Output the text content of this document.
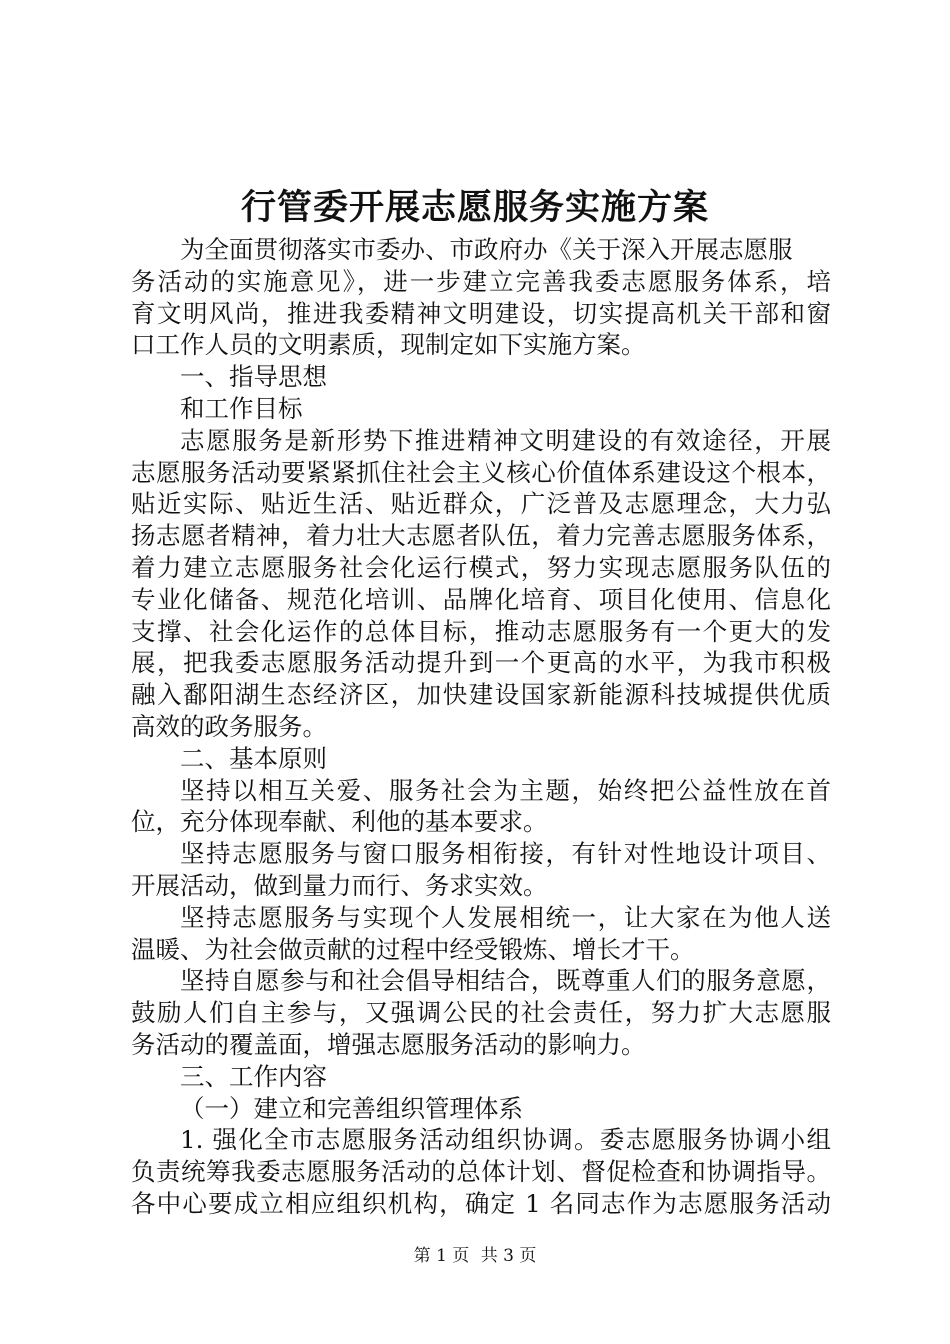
行管委开展志愿服务实施方案
为全面贯彻落实市委办、市政府办《关于深入开展志愿服
务活动的实施意见》，进一步建立完善我委志愿服务体系，培
育文明风尚，推进我委精神文明建设，切实提高机关干部和窗
口工作人员的文明素质，现制定如下实施方案。
一、指导思想
和工作目标
志愿服务是新形势下推进精神文明建设的有效途径，开展
志愿服务活动要紧紧抓住社会主义核心价值体系建设这个根本，
贴近实际、贴近生活、贴近群众，广泛普及志愿理念，大力弘
扬志愿者精神，着力壮大志愿者队伍，着力完善志愿服务体系，
着力建立志愿服务社会化运行模式，努力实现志愿服务队伍的
专业化储备、规范化培训、品牌化培育、项目化使用、信息化
支撑、社会化运作的总体目标，推动志愿服务有一个更大的发
展，把我委志愿服务活动提升到一个更高的水平，为我市积极
融入鄱阳湖生态经济区，加快建设国家新能源科技城提供优质
高效的政务服务。
二、基本原则
坚持以相互关爱、服务社会为主题，始终把公益性放在首
位，充分体现奉献、利他的基本要求。
坚持志愿服务与窗口服务相衔接，有针对性地设计项目、
开展活动，做到量力而行、务求实效。
坚持志愿服务与实现个人发展相统一，让大家在为他人送
温暖、为社会做贡献的过程中经受锻炼、增长才干。
坚持自愿参与和社会倡导相结合，既尊重人们的服务意愿，
鼓励人们自主参与，又强调公民的社会责任，努力扩大志愿服
务活动的覆盖面，增强志愿服务活动的影响力。
三、工作内容
（一）建立和完善组织管理体系
1. 强化全市志愿服务活动组织协调。委志愿服务协调小组
负责统筹我委志愿服务活动的总体计划、督促检查和协调指导。
各中心要成立相应组织机构，确定 1 名同志作为志愿服务活动
第 1 页 共 3 页
